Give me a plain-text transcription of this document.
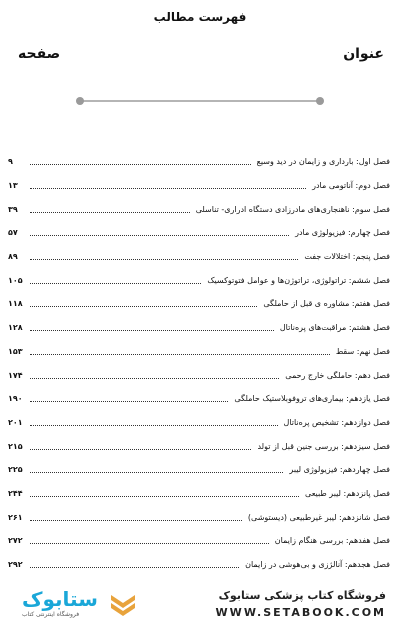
فهرست مطالب
عنوان
صفحه
فصل اول: بارداری و زایمان در دید وسیع
۹
فصل دوم: آناتومی مادر
۱۳
فصل سوم: ناهنجاری‌های مادرزادی دستگاه ادراری- تناسلی
۳۹
فصل چهارم: فیزیولوژی مادر
۵۷
فصل پنجم: اختلالات جفت
۸۹
فصل ششم: تراتولوژی، تراتوژن‌ها و عوامل فتوتوکسیک
۱۰۵
فصل هفتم: مشاوره ی قبل از حاملگی
۱۱۸
فصل هشتم: مراقبت‌های پرەناتال
۱۲۸
فصل نهم: سقط
۱۵۳
فصل دهم: حاملگی خارج رحمی
۱۷۴
فصل یازدهم: بیماری‌های تروفوبلاستیک حاملگی
۱۹۰
فصل دوازدهم: تشخیص پرەناتال
۲۰۱
فصل سیزدهم: بررسی جنین قبل از تولد
۲۱۵
فصل چهاردهم: فیزیولوژی لیبر
۲۲۵
فصل پانزدهم: لیبر طبیعی
۲۴۴
فصل شانزدهم: لیبر غیرطبیعی (دیستوشی)
۲۶۱
فصل هفدهم: بررسی هنگام زایمان
۲۷۲
فصل هجدهم: آنالژزی و بی‌هوشی در زایمان
۲۹۲
ستابوک
فروشگاه اینترنتی کتاب
فروشگاه کتاب پزشکی ستابوک
WWW.SETABOOK.COM
